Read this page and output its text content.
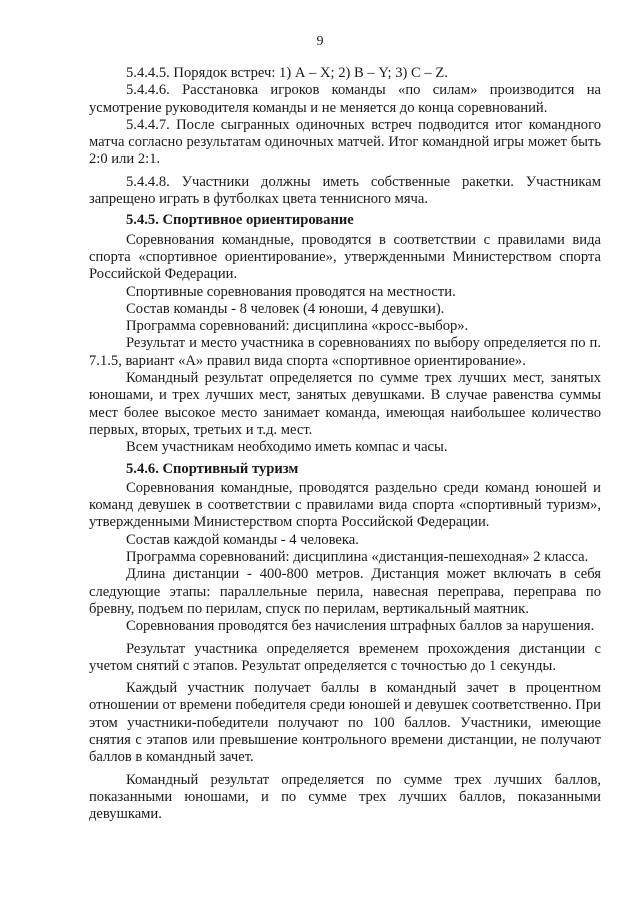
9

5.4.4.5. Порядок встреч: 1) А – X; 2) В – Y; 3) С – Z.

5.4.4.6. Расстановка игроков команды «по силам» производится на усмотрение руководителя команды и не меняется до конца соревнований.

5.4.4.7. После сыгранных одиночных встреч подводится итог командного матча согласно результатам одиночных матчей. Итог командной игры может быть 2:0 или 2:1.

5.4.4.8. Участники должны иметь собственные ракетки. Участникам запрещено играть в футболках цвета теннисного мяча.

5.4.5. Спортивное ориентирование

Соревнования командные, проводятся в соответствии с правилами вида спорта «спортивное ориентирование», утвержденными Министерством спорта Российской Федерации.

Спортивные соревнования проводятся на местности.

Состав команды - 8 человек (4 юноши, 4 девушки).

Программа соревнований: дисциплина «кросс-выбор».

Результат и место участника в соревнованиях по выбору определяется по п. 7.1.5, вариант «А» правил вида спорта «спортивное ориентирование».

Командный результат определяется по сумме трех лучших мест, занятых юношами, и трех лучших мест, занятых девушками. В случае равенства суммы мест более высокое место занимает команда, имеющая наибольшее количество первых, вторых, третьих и т.д. мест.

Всем участникам необходимо иметь компас и часы.

5.4.6. Спортивный туризм

Соревнования командные, проводятся раздельно среди команд юношей и команд девушек в соответствии с правилами вида спорта «спортивный туризм», утвержденными Министерством спорта Российской Федерации.

Состав каждой команды - 4 человека.

Программа соревнований: дисциплина «дистанция-пешеходная» 2 класса.

Длина дистанции - 400-800 метров. Дистанция может включать в себя следующие этапы: параллельные перила, навесная переправа, переправа по бревну, подъем по перилам, спуск по перилам, вертикальный маятник.

Соревнования проводятся без начисления штрафных баллов за нарушения.

Результат участника определяется временем прохождения дистанции с учетом снятий с этапов. Результат определяется с точностью до 1 секунды.

Каждый участник получает баллы в командный зачет в процентном отношении от времени победителя среди юношей и девушек соответственно. При этом участники-победители получают по 100 баллов. Участники, имеющие снятия с этапов или превышение контрольного времени дистанции, не получают баллов в командный зачет.

Командный результат определяется по сумме трех лучших баллов, показанными юношами, и по сумме трех лучших баллов, показанными девушками.
